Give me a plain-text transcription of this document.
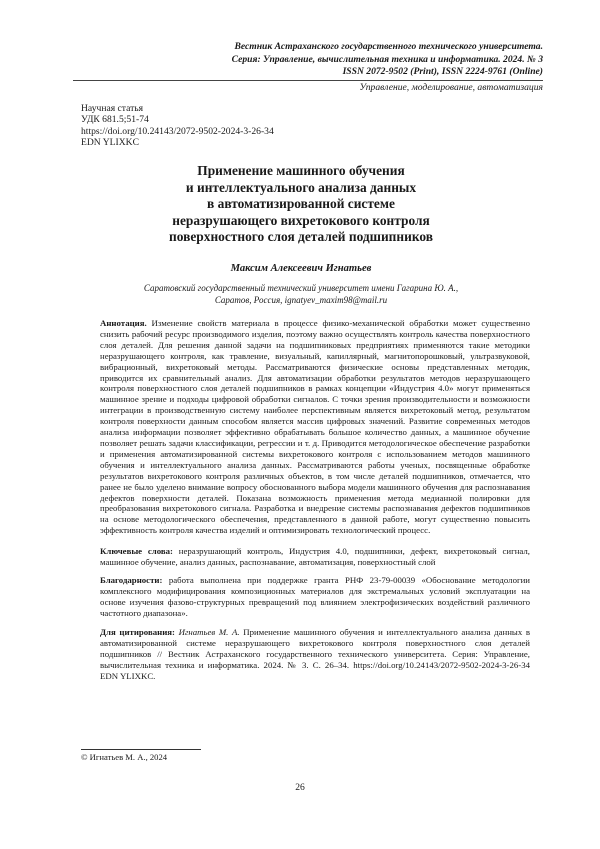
Вестник Астраханского государственного технического университета.
Серия: Управление, вычислительная техника и информатика. 2024. № 3
ISSN 2072-9502 (Print), ISSN 2224-9761 (Online)
Управление, моделирование, автоматизация
Научная статья
УДК 681.5;51-74
https://doi.org/10.24143/2072-9502-2024-3-26-34
EDN YLIXKC
Применение машинного обучения
и интеллектуального анализа данных
в автоматизированной системе
неразрушающего вихретокового контроля
поверхностного слоя деталей подшипников
Максим Алексеевич Игнатьев
Саратовский государственный технический университет имени Гагарина Ю. А.,
Саратов, Россия, ignatyev_maxim98@mail.ru
Аннотация. Изменение свойств материала в процессе физико-механической обработки может существенно снизить рабочий ресурс производимого изделия, поэтому важно осуществлять контроль качества поверхностного слоя деталей. Для решения данной задачи на подшипниковых предприятиях применяются такие методики неразрушающего контроля, как травление, визуальный, капиллярный, магнитопорошковый, ультразвуковой, вибрационный, вихретоковый методы. Рассматриваются физические основы представленных методик, приводится их сравнительный анализ. Для автоматизации обработки результатов методов неразрушающего контроля поверхностного слоя деталей подшипников в рамках концепции «Индустрия 4.0» могут применяться машинное зрение и подходы цифровой обработки сигналов. С точки зрения производительности и возможности интеграции в производственную систему наиболее перспективным является вихретоковый метод, результатом контроля поверхности данным способом является массив цифровых значений. Развитие современных методов анализа информации позволяет эффективно обрабатывать большое количество данных, а машинное обучение позволяет решать задачи классификации, регрессии и т. д. Приводится методологическое обеспечение разработки и применения автоматизированной системы вихретокового контроля с использованием методов машинного обучения и интеллектуального анализа данных. Рассматриваются работы ученых, посвященные обработке результатов вихретокового контроля различных объектов, в том числе деталей подшипников, отмечается, что ранее не было уделено внимание вопросу обоснованного выбора модели машинного обучения для распознавания дефектов поверхности деталей. Показана возможность применения метода медианной полировки для преобразования вихретокового сигнала. Разработка и внедрение системы распознавания дефектов подшипников на основе методологического обеспечения, представленного в данной работе, могут существенно повысить эффективность контроля качества изделий и оптимизировать технологический процесс.
Ключевые слова: неразрушающий контроль, Индустрия 4.0, подшипники, дефект, вихретоковый сигнал, машинное обучение, анализ данных, распознавание, автоматизация, поверхностный слой
Благодарности: работа выполнена при поддержке гранта РНФ 23-79-00039 «Обоснование методологии комплексного модифицирования композиционных материалов для экстремальных условий эксплуатации на основе изучения фазово-структурных превращений под влиянием электрофизических воздействий различного частотного диапазона».
Для цитирования: Игнатьев М. А. Применение машинного обучения и интеллектуального анализа данных в автоматизированной системе неразрушающего вихретокового контроля поверхностного слоя деталей подшипников // Вестник Астраханского государственного технического университета. Серия: Управление, вычислительная техника и информатика. 2024. № 3. С. 26–34. https://doi.org/10.24143/2072-9502-2024-3-26-34 EDN YLIXKC.
© Игнатьев М. А., 2024
26
